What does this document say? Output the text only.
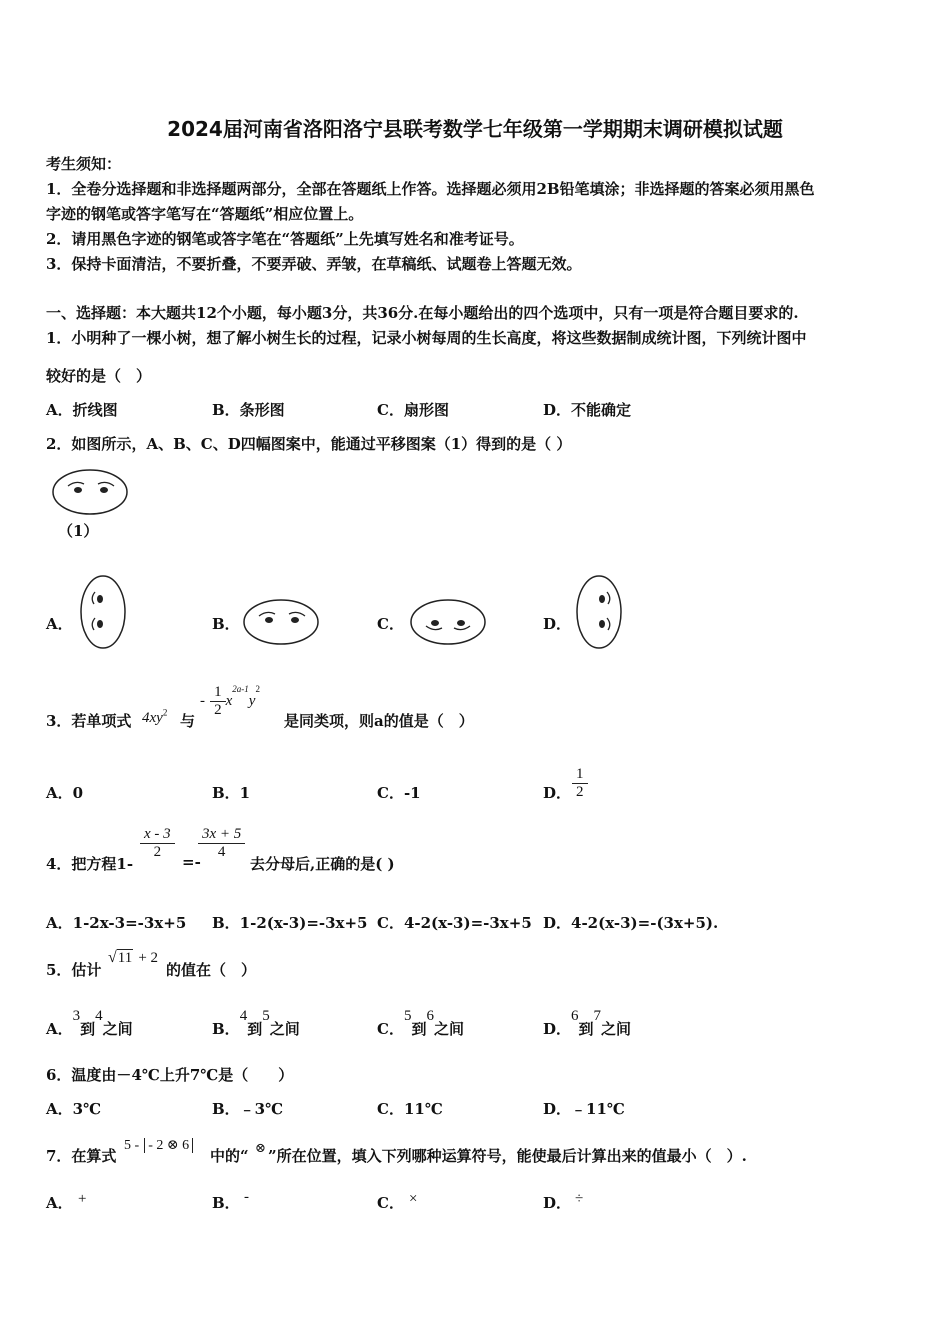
2024届河南省洛阳洛宁县联考数学七年级第一学期期末调研模拟试题
考生须知：
1．全卷分选择题和非选择题两部分，全部在答题纸上作答。选择题必须用2B铅笔填涂；非选择题的答案必须用黑色
字迹的钢笔或答字笔写在“答题纸”相应位置上。
2．请用黑色字迹的钢笔或答字笔在“答题纸”上先填写姓名和准考证号。
3．保持卡面清洁，不要折叠，不要弄破、弄皱，在草稿纸、试题卷上答题无效。
一、选择题：本大题共12个小题，每小题3分，共36分.在每小题给出的四个选项中，只有一项是符合题目要求的.
1．小明种了一棵小树，想了解小树生长的过程，记录小树每周的生长高度，将这些数据制成统计图，下列统计图中
较好的是（　）
A．折线图	B．条形图	C．扇形图	D．不能确定
2．如图所示，A、B、C、D四幅图案中，能通过平移图案（1）得到的是（ ）
（1）
A．	B．	C．	D．
3．若单项式 $4xy^2$ 与
- $\frac{1}{2} x^{2a-1}y^2$
是同类项，则a的值是（　）
A．0	B．1	C．-1	D． $\frac{1}{2}$
4．把方程1-
$\frac{x - 3}{2}$
=-
$\frac{3x + 5}{4}$
去分母后,正确的是( )
A．1-2x-3=-3x+5 B．1-2(x-3)=-3x+5 C．4-2(x-3)=-3x+5 D．4-2(x-3)=-(3x+5).
5．估计
√11 + 2
的值在（　）
A．3到4之间	B．4到5之间	C．5到6之间	D．6到7之间
6．温度由－4℃上升7℃是（　　）
A．3℃	B．﹣3℃	C．11℃	D．﹣11℃
7．在算式
5 - - 2 ⊗ 6
中的“ ⊗ ”所在位置，填入下列哪种运算符号，能使最后计算出来的值最小（　）.
A． +	B． -	C． ×	D． ÷
